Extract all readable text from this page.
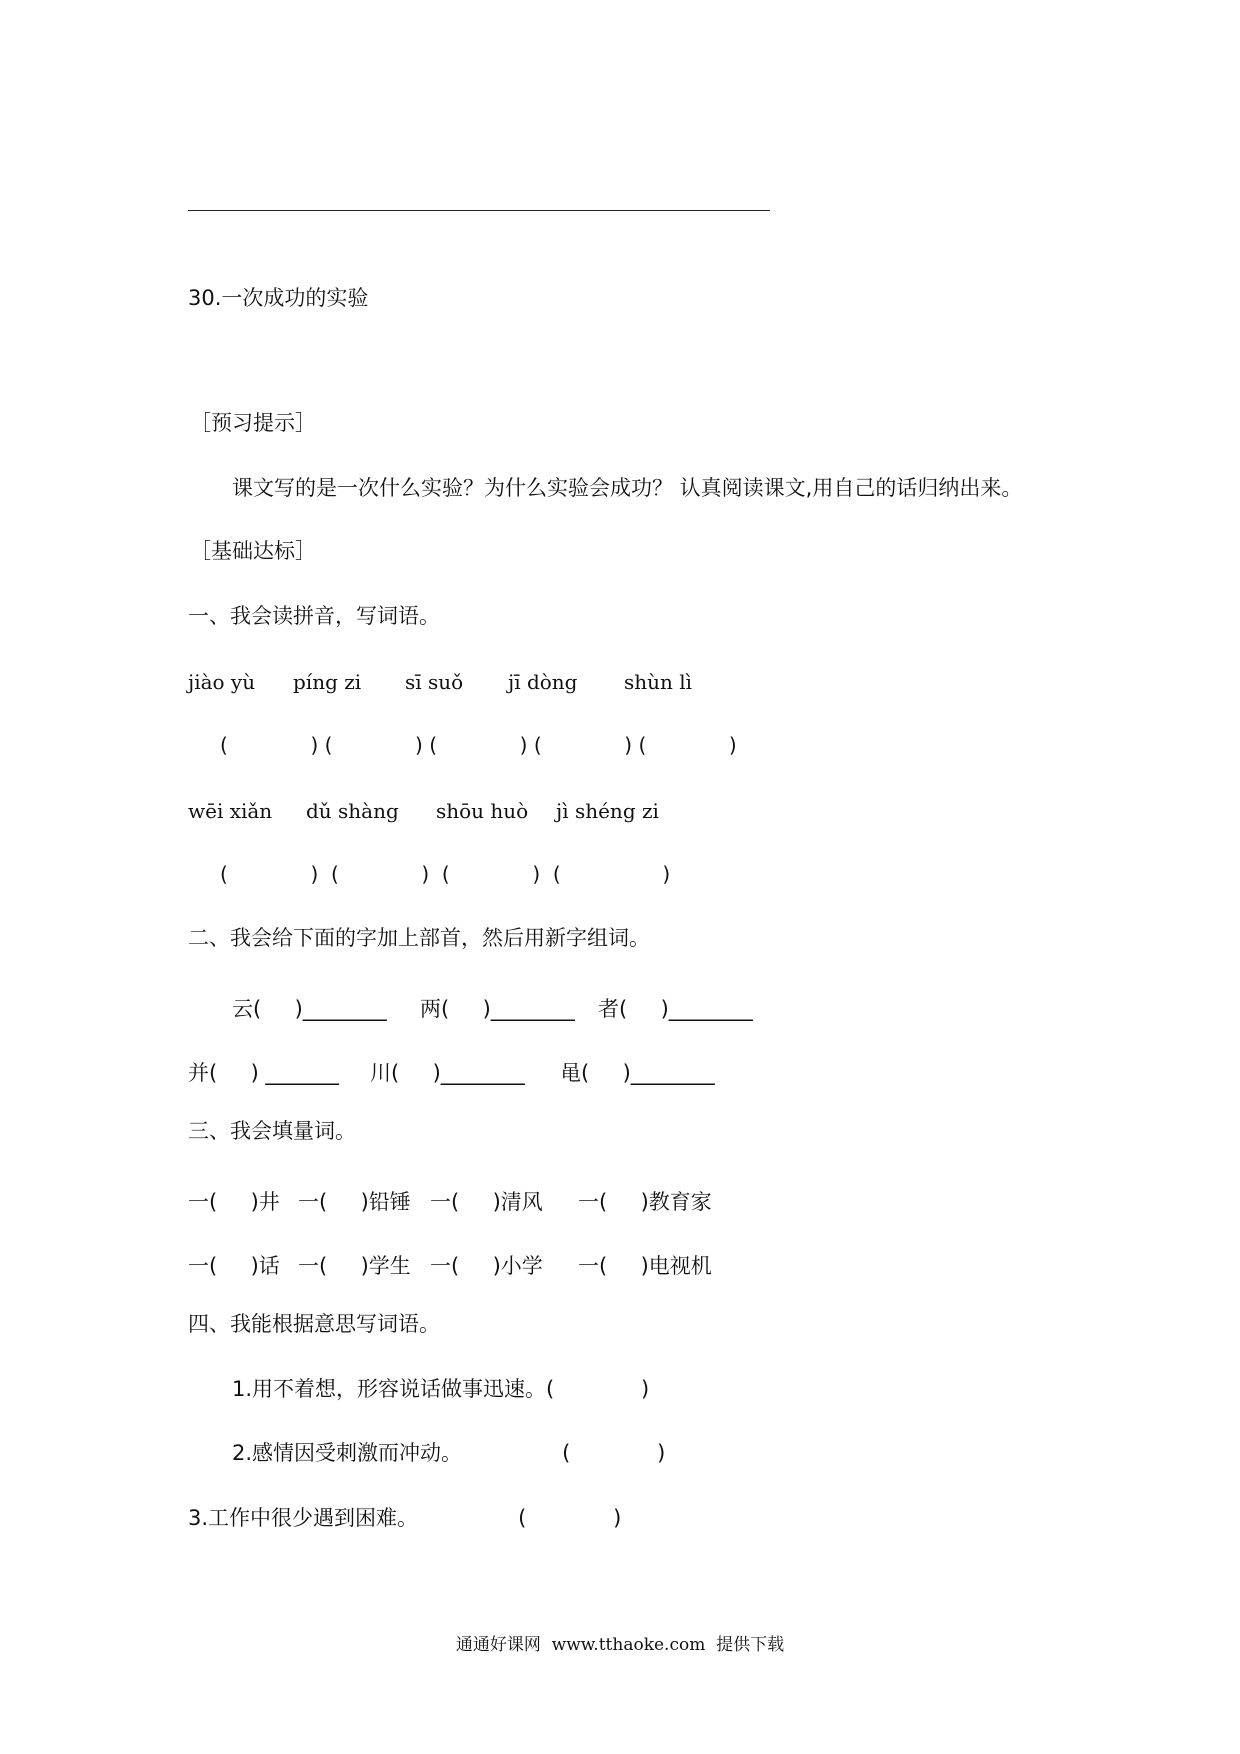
30.一次成功的实验
［预习提示］
课文写的是一次什么实验？为什么实验会成功？ 认真阅读课文,用自己的话归纳出来。
［基础达标］
一、我会读拼音，写词语。
jiào yù píng zi sī suǒ jī dòng shùn lì
(             ) (             ) (             ) (             ) (             )
wēi xiǎn dǔ shàng shōu huò jì shéng zi
(             )  (             )  (             )  (                )
二、我会给下面的字加上部首，然后用新字组词。
云(     )________ 两(     )________ 者(     )________
并(     ) _______ 川(     )________ 黾(     )________
三、我会填量词。
一(     )井 一(     )铅锤 一(     )清风 一(     )教育家
一(     )话 一(     )学生 一(     )小学 一(     )电视机
四、我能根据意思写词语。
1.用不着想，形容说话做事迅速。(             )
2.感情因受刺激而冲动。               (             )
3.工作中很少遇到困难。               (             )
通通好课网  www.tthaoke.com  提供下载
